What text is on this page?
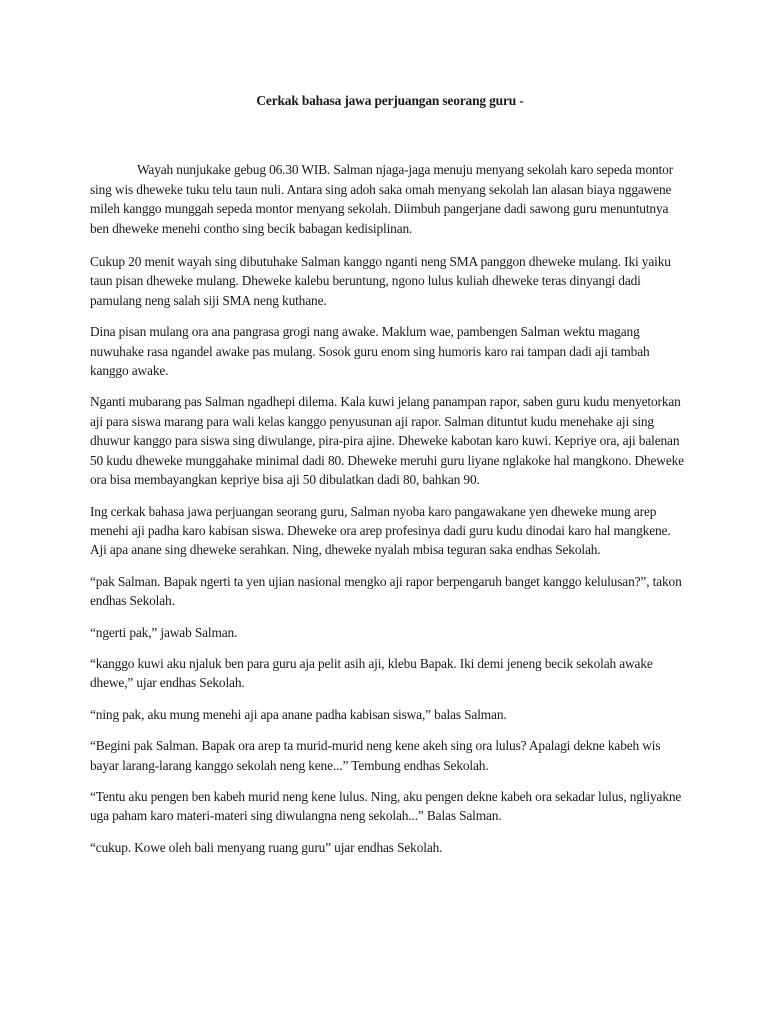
Cerkak bahasa jawa perjuangan seorang guru -

Wayah nunjukake gebug 06.30 WIB. Salman njaga-jaga menuju menyang sekolah karo sepeda montor sing wis dheweke tuku telu taun nuli. Antara sing adoh saka omah menyang sekolah lan alasan biaya nggawene mileh kanggo munggah sepeda montor menyang sekolah. Diimbuh pangerjane dadi sawong guru menuntutnya ben dheweke menehi contho sing becik babagan kedisiplinan.

Cukup 20 menit wayah sing dibutuhake Salman kanggo nganti neng SMA panggon dheweke mulang. Iki yaiku taun pisan dheweke mulang. Dheweke kalebu beruntung, ngono lulus kuliah dheweke teras dinyangi dadi pamulang neng salah siji SMA neng kuthane.

Dina pisan mulang ora ana pangrasa grogi nang awake. Maklum wae, pambengen Salman wektu magang nuwuhake rasa ngandel awake pas mulang. Sosok guru enom sing humoris karo rai tampan dadi aji tambah kanggo awake.

Nganti mubarang pas Salman ngadhepi dilema. Kala kuwi jelang panampan rapor, saben guru kudu menyetorkan aji para siswa marang para wali kelas kanggo penyusunan aji rapor. Salman dituntut kudu menehake aji sing dhuwur kanggo para siswa sing diwulange, pira-pira ajine. Dheweke kabotan karo kuwi. Kepriye ora, aji balenan 50 kudu dheweke munggahake minimal dadi 80. Dheweke meruhi guru liyane nglakoke hal mangkono. Dheweke ora bisa membayangkan kepriye bisa aji 50 dibulatkan dadi 80, bahkan 90.

Ing cerkak bahasa jawa perjuangan seorang guru, Salman nyoba karo pangawakane yen dheweke mung arep menehi aji padha karo kabisan siswa. Dheweke ora arep profesinya dadi guru kudu dinodai karo hal mangkene. Aji apa anane sing dheweke serahkan. Ning, dheweke nyalah mbisa teguran saka endhas Sekolah.

“pak Salman. Bapak ngerti ta yen ujian nasional mengko aji rapor berpengaruh banget kanggo kelulusan?”, takon endhas Sekolah.

“ngerti pak,” jawab Salman.

“kanggo kuwi aku njaluk ben para guru aja pelit asih aji, klebu Bapak. Iki demi jeneng becik sekolah awake dhewe,” ujar endhas Sekolah.

“ning pak, aku mung menehi aji apa anane padha kabisan siswa,” balas Salman.

“Begini pak Salman. Bapak ora arep ta murid-murid neng kene akeh sing ora lulus? Apalagi dekne kabeh wis bayar larang-larang kanggo sekolah neng kene...” Tembung endhas Sekolah.

“Tentu aku pengen ben kabeh murid neng kene lulus. Ning, aku pengen dekne kabeh ora sekadar lulus, ngliyakne uga paham karo materi-materi sing diwulangna neng sekolah...” Balas Salman.

“cukup. Kowe oleh bali menyang ruang guru” ujar endhas Sekolah.
